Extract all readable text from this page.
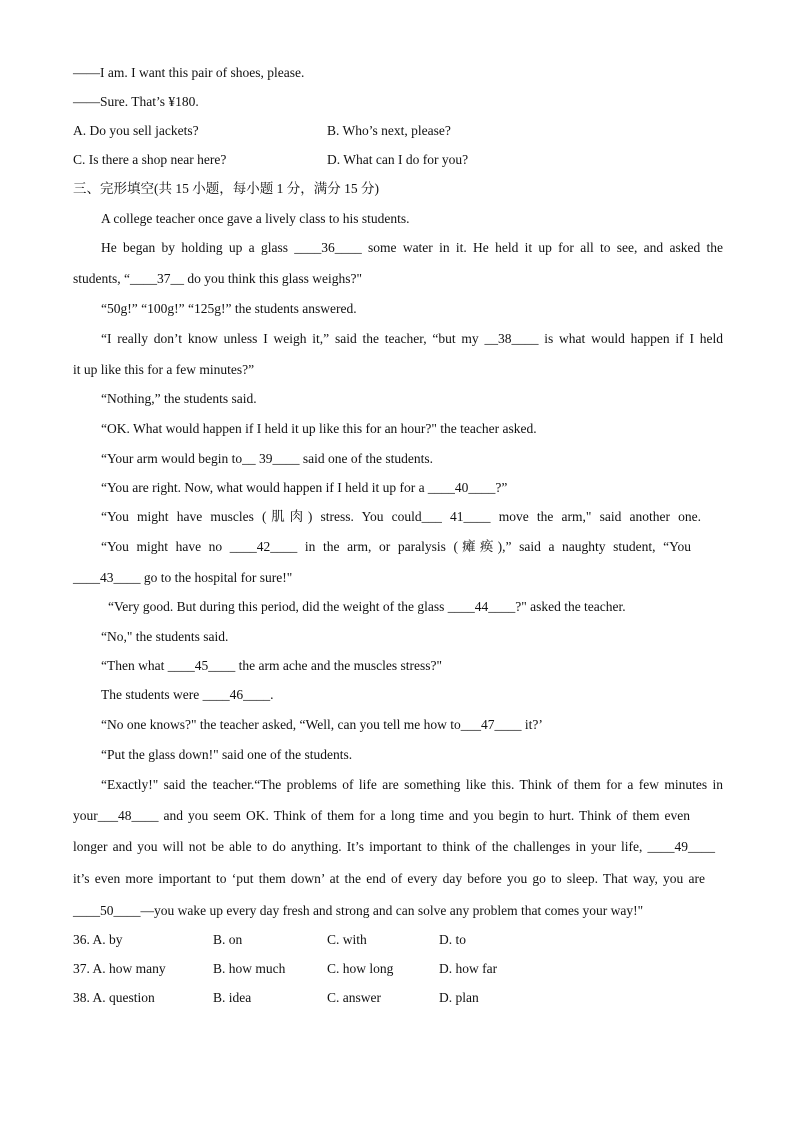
——I am. I want this pair of shoes, please.
——Sure. That’s ¥180.
A. Do you sell jackets?	B. Who’s next, please?
C. Is there a shop near here?	D. What can I do for you?
三、完形填空(共 15 小题，每小题 1 分，满分 15 分)
A college teacher once gave a lively class to his students.
He began by holding up a glass ____36____ some water in it. He held it up for all to see, and asked the
students, “____37__ do you think this glass weighs?"
“50g!” “100g!” “125g!” the students answered.
“I really don’t know unless I weigh it,” said the teacher, “but my __38____ is what would happen if I held
it up like this for a few minutes?”
“Nothing,” the students said.
“OK. What would happen if I held it up like this for an hour?" the teacher asked.
“Your arm would begin to__ 39____ said one of the students.
“You are right. Now, what would happen if I held it up for a ____40____?”
“You might have muscles (肌肉) stress. You could___ 41____ move the arm," said another one.
“You might have no ____42____ in the arm, or paralysis (瘫痪),” said a naughty student, “You
____43____ go to the hospital for sure!"
“Very good. But during this period, did the weight of the glass ____44____?" asked the teacher.
“No," the students said.
“Then what ____45____ the arm ache and the muscles stress?"
The students were ____46____.
“No one knows?" the teacher asked, “Well, can you tell me how to___47____ it?’
“Put the glass down!" said one of the students.
“Exactly!" said the teacher.“The problems of life are something like this. Think of them for a few minutes in
your___48____ and you seem OK. Think of them for a long time and you begin to hurt. Think of them even
longer and you will not be able to do anything. It’s important to think of the challenges in your life, ____49____
it’s even more important to ‘put them down’ at the end of every day before you go to sleep. That way, you are
____50____—you wake up every day fresh and strong and can solve any problem that comes your way!"
36. A. by	B. on	C. with	D. to
37. A. how many	B. how much	C. how long	D. how far
38. A. question	B. idea	C. answer	D. plan
